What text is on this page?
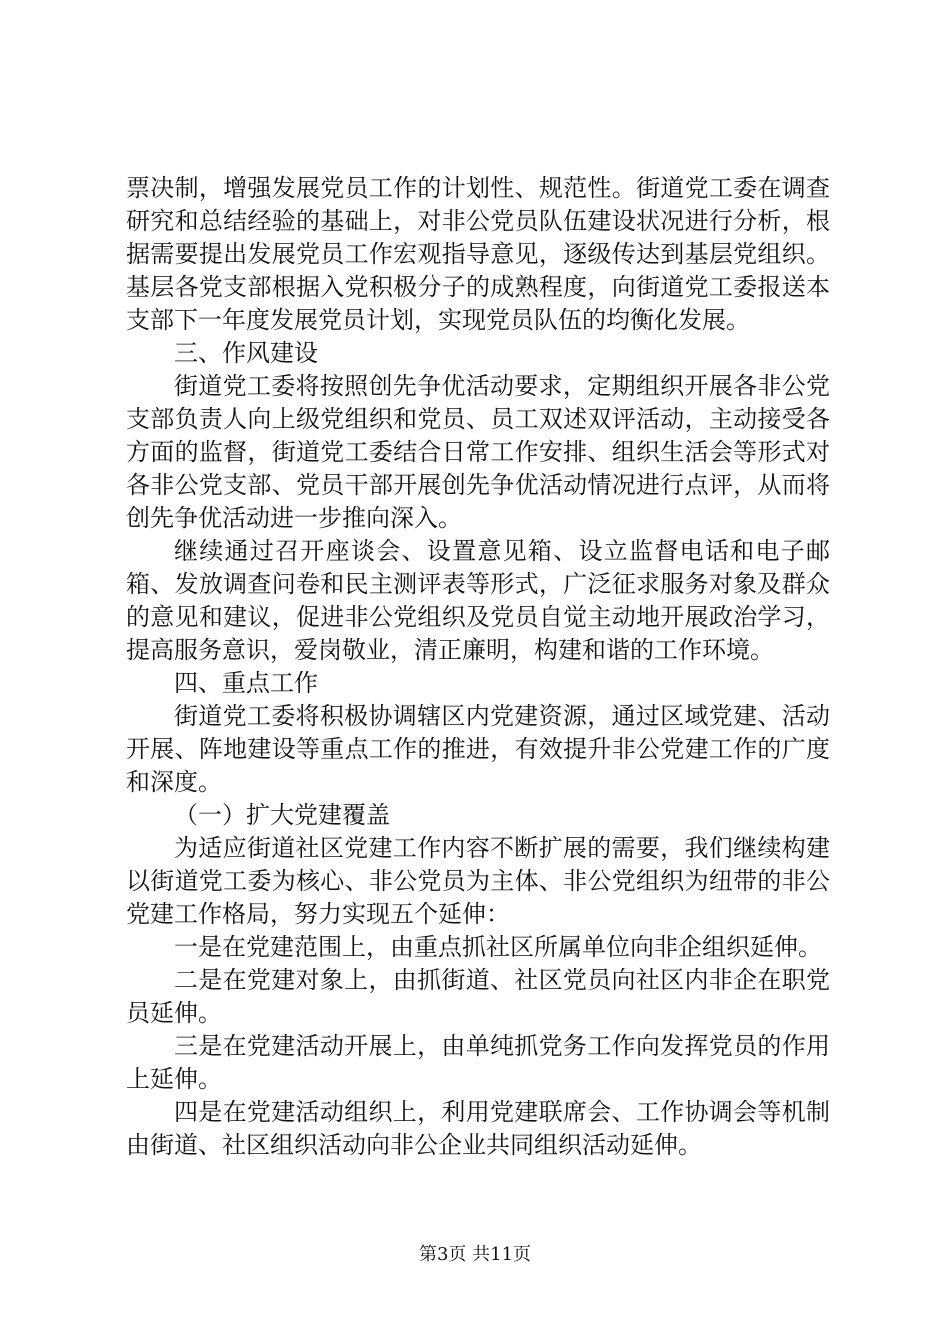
票决制，增强发展党员工作的计划性、规范性。街道党工委在调查研究和总结经验的基础上，对非公党员队伍建设状况进行分析，根据需要提出发展党员工作宏观指导意见，逐级传达到基层党组织。基层各党支部根据入党积极分子的成熟程度，向街道党工委报送本支部下一年度发展党员计划，实现党员队伍的均衡化发展。

三、作风建设

街道党工委将按照创先争优活动要求，定期组织开展各非公党支部负责人向上级党组织和党员、员工双述双评活动，主动接受各方面的监督，街道党工委结合日常工作安排、组织生活会等形式对各非公党支部、党员干部开展创先争优活动情况进行点评，从而将创先争优活动进一步推向深入。

继续通过召开座谈会、设置意见箱、设立监督电话和电子邮箱、发放调查问卷和民主测评表等形式，广泛征求服务对象及群众的意见和建议，促进非公党组织及党员自觉主动地开展政治学习，提高服务意识，爱岗敬业，清正廉明，构建和谐的工作环境。

四、重点工作

街道党工委将积极协调辖区内党建资源，通过区域党建、活动开展、阵地建设等重点工作的推进，有效提升非公党建工作的广度和深度。

（一）扩大党建覆盖

为适应街道社区党建工作内容不断扩展的需要，我们继续构建以街道党工委为核心、非公党员为主体、非公党组织为纽带的非公党建工作格局，努力实现五个延伸：

一是在党建范围上，由重点抓社区所属单位向非企组织延伸。

二是在党建对象上，由抓街道、社区党员向社区内非企在职党员延伸。

三是在党建活动开展上，由单纯抓党务工作向发挥党员的作用上延伸。

四是在党建活动组织上，利用党建联席会、工作协调会等机制由街道、社区组织活动向非公企业共同组织活动延伸。

第3页 共11页
